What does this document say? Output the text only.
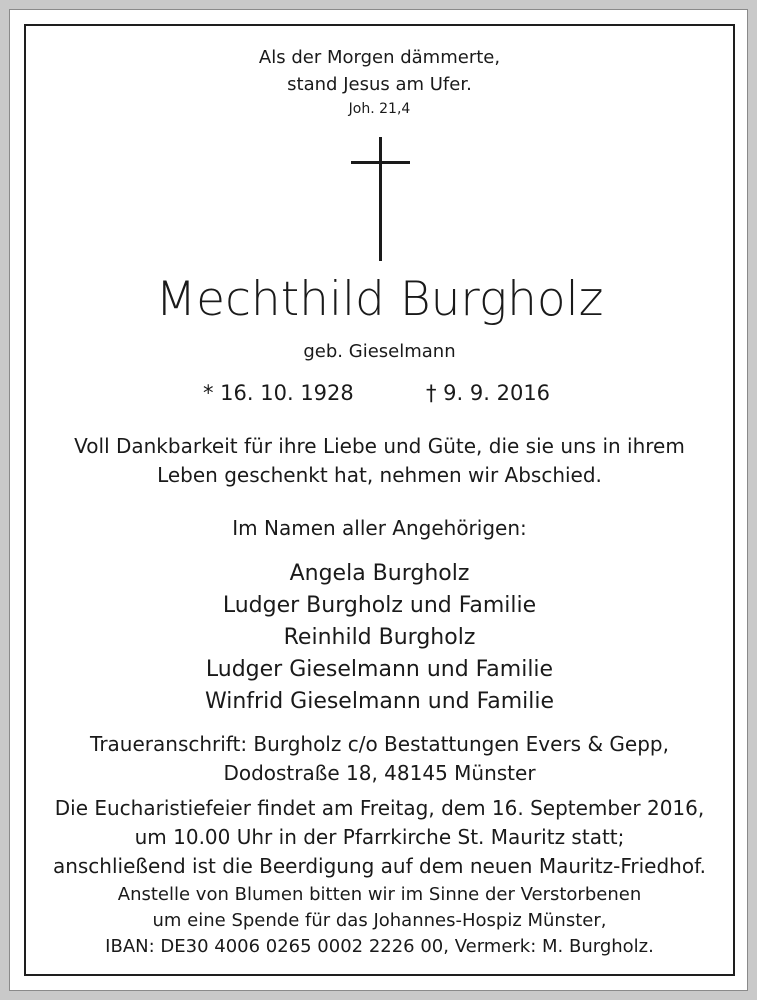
Als der Morgen dämmerte,
stand Jesus am Ufer.
Joh. 21,4
Mechthild Burgholz
geb. Gieselmann
* 16. 10. 1928	† 9. 9. 2016
Voll Dankbarkeit für ihre Liebe und Güte, die sie uns in ihrem
Leben geschenkt hat, nehmen wir Abschied.
Im Namen aller Angehörigen:
Angela Burgholz
Ludger Burgholz und Familie
Reinhild Burgholz
Ludger Gieselmann und Familie
Winfrid Gieselmann und Familie
Traueranschrift: Burgholz c/o Bestattungen Evers & Gepp,
Dodostraße 18, 48145 Münster
Die Eucharistiefeier findet am Freitag, dem 16. September 2016,
um 10.00 Uhr in der Pfarrkirche St. Mauritz statt;
anschließend ist die Beerdigung auf dem neuen Mauritz-Friedhof.
Anstelle von Blumen bitten wir im Sinne der Verstorbenen
um eine Spende für das Johannes-Hospiz Münster,
IBAN: DE30 4006 0265 0002 2226 00, Vermerk: M. Burgholz.
